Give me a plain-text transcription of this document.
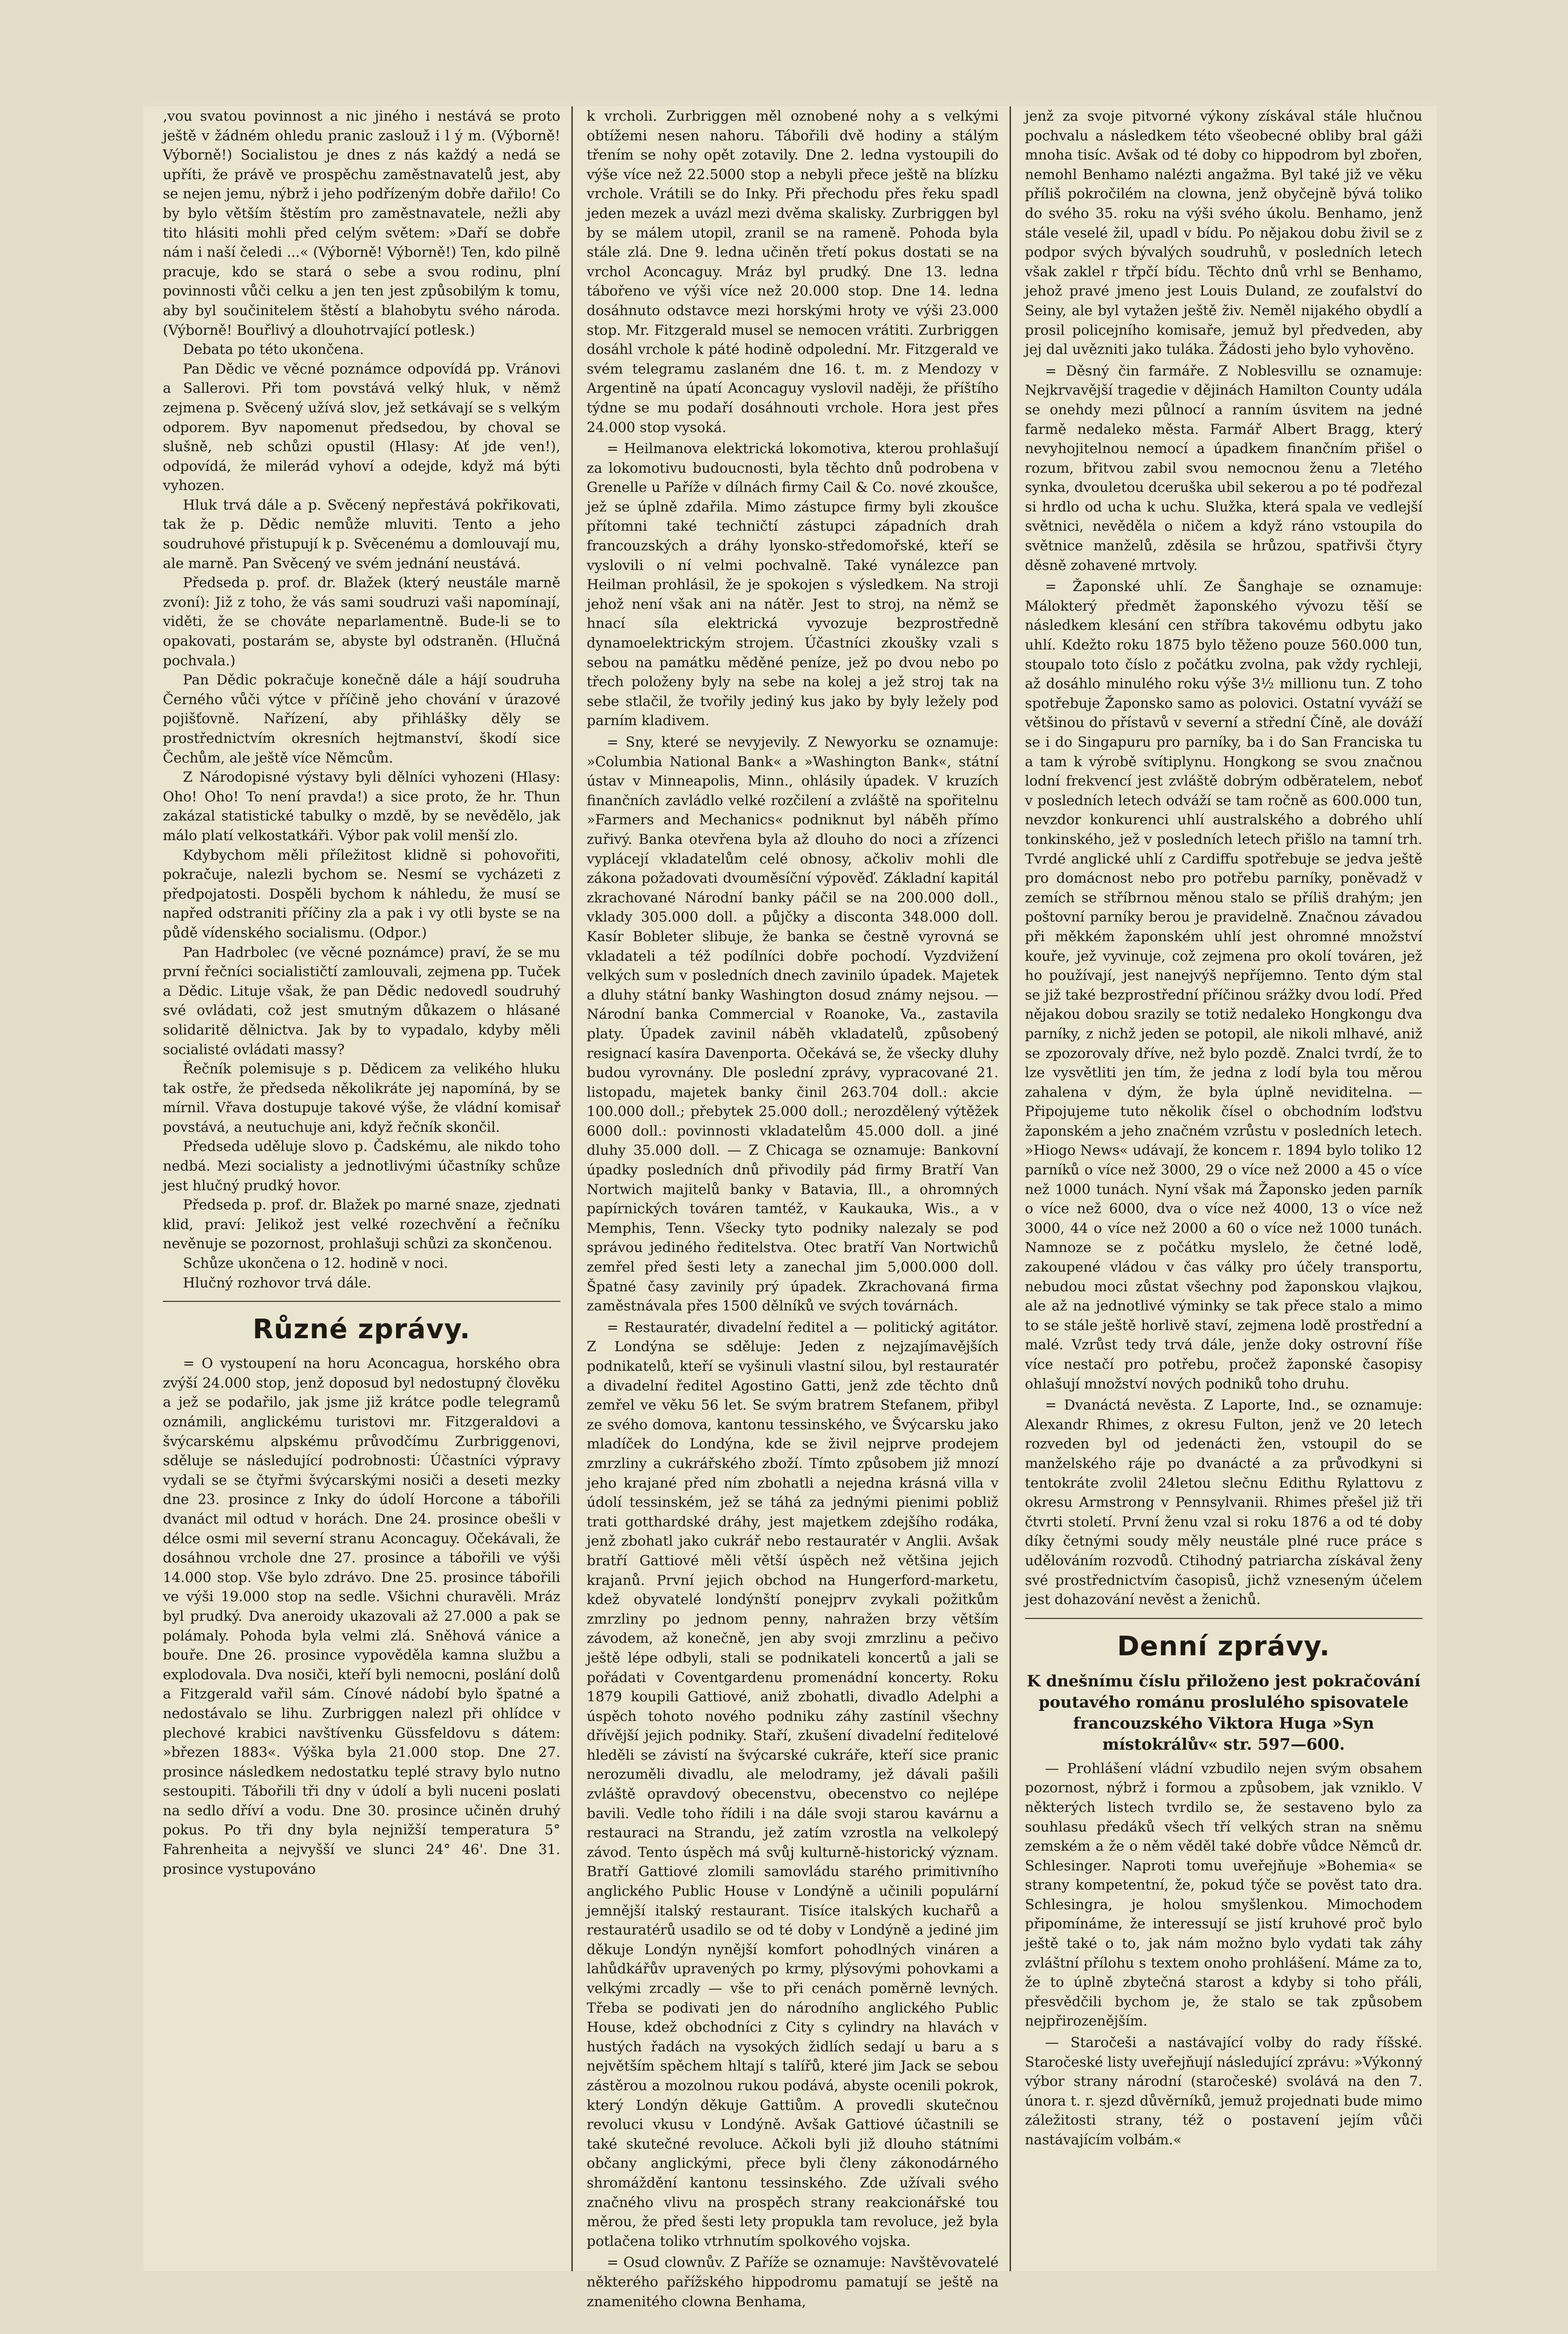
‚vou svatou povinnost a nic jiného i nestává se proto ještě v žádném ohledu pranic zaslouž i l ý m. (Výborně! Výborně!) Socialistou je dnes z nás každý a nedá se upříti, že právě ve prospěchu zaměstnavatelů jest, aby se nejen jemu, nýbrž i jeho podřízeným dobře dařilo! Co by bylo větším štěstím pro zaměstnavatele, nežli aby tito hlásiti mohli před celým světem: »Daří se dobře nám i naší čeledi ...« (Výborně! Výborně!) Ten, kdo pilně pracuje, kdo se stará o sebe a svou rodinu, plní povinnosti vůči celku a jen ten jest způsobilým k tomu, aby byl součinitelem štěstí a blahobytu svého národa. (Výborně! Bouřlivý a dlouhotrvající potlesk.)

Debata po této ukončena.

Pan Dědic ve věcné poznámce odpovídá pp. Vránovi a Sallerovi. Při tom povstává velký hluk, v němž zejmena p. Svěcený užívá slov, jež setkávají se s velkým odporem. Byv napomenut předsedou, by choval se slušně, neb schůzi opustil (Hlasy: Ať jde ven!), odpovídá, že milerád vyhoví a odejde, když má býti vyhozen.

Hluk trvá dále a p. Svěcený nepřestává pokřikovati, tak že p. Dědic nemůže mluviti. Tento a jeho soudruhové přistupují k p. Svěcenému a domlouvají mu, ale marně. Pan Svěcený ve svém jednání neustává.

Předseda p. prof. dr. Blažek (který neustále marně zvoní): Již z toho, že vás sami soudruzi vaši napomínají, viděti, že se chováte neparlamentně. Bude-li se to opakovati, postarám se, abyste byl odstraněn. (Hlučná pochvala.)

Pan Dědic pokračuje konečně dále a hájí soudruha Černého vůči výtce v příčině jeho chování v úrazové pojišťovně. Nařízení, aby přihlášky děly se prostřednictvím okresních hejtmanství, škodí sice Čechům, ale ještě více Němcům.

Z Národopisné výstavy byli dělníci vyhozeni (Hlasy: Oho! Oho! To není pravda!) a sice proto, že hr. Thun zakázal statistické tabulky o mzdě, by se nevědělo, jak málo platí velkostatkáři. Výbor pak volil menší zlo.

Kdybychom měli příležitost klidně si pohovořiti, pokračuje, nalezli bychom se. Nesmí se vycházeti z předpojatosti. Dospěli bychom k náhledu, že musí se napřed odstraniti příčiny zla a pak i vy otli byste se na půdě vídenského socialismu. (Odpor.)

Pan Hadrbolec (ve věcné poznámce) praví, že se mu první řečníci socialističtí zamlouvali, zejmena pp. Tuček a Dědic. Lituje však, že pan Dědic nedovedl soudruhý své ovládati, což jest smutným důkazem o hlásané solidaritě dělnictva. Jak by to vypadalo, kdyby měli socialisté ovládati massy?

Řečník polemisuje s p. Dědicem za velikého hluku tak ostře, že předseda několikráte jej napomíná, by se mírnil. Vřava dostupuje takové výše, že vládní komisař povstává, a neutuchuje ani, když řečník skončil.

Předseda uděluje slovo p. Čadskému, ale nikdo toho nedbá. Mezi socialisty a jednotlivými účastníky schůze jest hlučný prudký hovor.

Předseda p. prof. dr. Blažek po marné snaze, zjednati klid, praví: Jelikož jest velké rozechvění a řečníku nevěnuje se pozornost, prohlašuji schůzi za skončenou.

Schůze ukončena o 12. hodině v noci.

Hlučný rozhovor trvá dále.

Různé zprávy.

= O vystoupení na horu Aconcagua, horského obra zvýší 24.000 stop, jenž doposud byl nedostupný člověku a jež se podařilo, jak jsme již krátce podle telegramů oznámili, anglickému turistovi mr. Fitzgeraldovi a švýcarskému alpskému průvodčímu Zurbriggenovi, sděluje se následující podrobnosti: Účastníci výpravy vydali se se čtyřmi švýcarskými nosiči a deseti mezky dne 23. prosince z Inky do údolí Horcone a tábořili dvanáct mil odtud v horách. Dne 24. prosince obešli v délce osmi mil severní stranu Aconcaguy. Očekávali, že dosáhnou vrchole dne 27. prosince a tábořili ve výši 14.000 stop. Vše bylo zdrávo. Dne 25. prosince tábořili ve výši 19.000 stop na sedle. Všichni churavěli. Mráz byl prudký. Dva aneroidy ukazovali až 27.000 a pak se polámaly. Pohoda byla velmi zlá. Sněhová vánice a bouře. Dne 26. prosince vypověděla kamna službu a explodovala. Dva nosiči, kteří byli nemocni, poslání dolů a Fitzgerald vařil sám. Cínové nádobí bylo špatné a nedostávalo se lihu. Zurbriggen nalezl při ohlídce v plechové krabici navštívenku Güssfeldovu s dátem: »březen 1883«. Výška byla 21.000 stop. Dne 27. prosince následkem nedostatku teplé stravy bylo nutno sestoupiti. Tábořili tři dny v údolí a byli nuceni poslati na sedlo dříví a vodu. Dne 30. prosince učiněn druhý pokus. Po tři dny byla nejnižší temperatura 5° Fahrenheita a nejvyšší ve slunci 24° 46'. Dne 31. prosince vystupováno

k vrcholi. Zurbriggen měl oznobené nohy a s velkými obtížemi nesen nahoru. Tábořili dvě hodiny a stálým třením se nohy opět zotavily. Dne 2. ledna vystoupili do výše více než 22.5000 stop a nebyli přece ještě na blízku vrchole. Vrátili se do Inky. Při přechodu přes řeku spadl jeden mezek a uvázl mezi dvěma skalisky. Zurbriggen byl by se málem utopil, zranil se na rameně. Pohoda byla stále zlá. Dne 9. ledna učiněn třetí pokus dostati se na vrchol Aconcaguy. Mráz byl prudký. Dne 13. ledna tábořeno ve výši více než 20.000 stop. Dne 14. ledna dosáhnuto odstavce mezi horskými hroty ve výši 23.000 stop. Mr. Fitzgerald musel se nemocen vrátiti. Zurbriggen dosáhl vrchole k páté hodině odpolední. Mr. Fitzgerald ve svém telegramu zaslaném dne 16. t. m. z Mendozy v Argentině na úpatí Aconcaguy vyslovil naději, že příštího týdne se mu podaří dosáhnouti vrchole. Hora jest přes 24.000 stop vysoká.

= Heilmanova elektrická lokomotiva, kterou prohlašují za lokomotivu budoucnosti, byla těchto dnů podrobena v Grenelle u Paříže v dílnách firmy Cail & Co. nové zkoušce, jež se úplně zdařila. Mimo zástupce firmy byli zkoušce přítomni také techničtí zástupci západních drah francouzských a dráhy lyonsko-středomořské, kteří se vyslovili o ní velmi pochvalně. Také vynálezce pan Heilman prohlásil, že je spokojen s výsledkem. Na stroji jehož není však ani na nátěr. Jest to stroj, na němž se hnací síla elektrická vyvozuje bezprostředně dynamoelektrickým strojem. Účastníci zkoušky vzali s sebou na památku měděné peníze, jež po dvou nebo po třech položeny byly na sebe na kolej a jež stroj tak na sebe stlačil, že tvořily jediný kus jako by byly ležely pod parním kladivem.

= Sny, které se nevyjevily. Z Newyorku se oznamuje: »Columbia National Bank« a »Washington Bank«, státní ústav v Minneapolis, Minn., ohlásily úpadek. V kruzích finančních zavládlo velké rozčilení a zvláště na spořitelnu »Farmers and Mechanics« podniknut byl náběh přímo zuřivý. Banka otevřena byla až dlouho do noci a zřízenci vyplácejí vkladatelům celé obnosy, ačkoliv mohli dle zákona požadovati dvouměsíční výpověď. Základní kapitál zkrachované Národní banky páčil se na 200.000 doll., vklady 305.000 doll. a půjčky a disconta 348.000 doll. Kasír Bobleter slibuje, že banka se čestně vyrovná se vkladateli a též podílníci dobře pochodí. Vyzdvižení velkých sum v posledních dnech zavinilo úpadek. Majetek a dluhy státní banky Washington dosud známy nejsou. — Národní banka Commercial v Roanoke, Va., zastavila platy. Úpadek zavinil náběh vkladatelů, způsobený resignací kasíra Davenporta. Očekává se, že všecky dluhy budou vyrovnány. Dle poslední zprávy, vypracované 21. listopadu, majetek banky činil 263.704 doll.: akcie 100.000 doll.; přebytek 25.000 doll.; nerozdělený výtěžek 6000 doll.: povinnosti vkladatelům 45.000 doll. a jiné dluhy 35.000 doll. — Z Chicaga se oznamuje: Bankovní úpadky posledních dnů přivodily pád firmy Bratří Van Nortwich majitelů banky v Batavia, Ill., a ohromných papírnických továren tamtéž, v Kaukauka, Wis., a v Memphis, Tenn. Všecky tyto podniky nalezaly se pod správou jediného ředitelstva. Otec bratří Van Nortwichů zemřel před šesti lety a zanechal jim 5,000.000 doll. Špatné časy zavinily prý úpadek. Zkrachovaná firma zaměstnávala přes 1500 dělníků ve svých továrnách.

= Restauratér, divadelní ředitel a — politický agitátor. Z Londýna se sděluje: Jeden z nejzajímavějších podnikatelů, kteří se vyšinuli vlastní silou, byl restauratér a divadelní ředitel Agostino Gatti, jenž zde těchto dnů zemřel ve věku 56 let. Se svým bratrem Stefanem, přibyl ze svého domova, kantonu tessinského, ve Švýcarsku jako mladíček do Londýna, kde se živil nejprve prodejem zmrzliny a cukrářského zboží. Tímto způsobem již mnozí jeho krajané před ním zbohatli a nejedna krásná villa v údolí tessinském, jež se táhá za jednými pienimi pobliž trati gotthardské dráhy, jest majetkem zdejšího rodáka, jenž zbohatl jako cukrář nebo restauratér v Anglii. Avšak bratří Gattiové měli větší úspěch než většina jejich krajanů. První jejich obchod na Hungerford-marketu, kdež obyvatelé londýnští ponejprv zvykali požitkům zmrzliny po jednom penny, nahražen brzy větším závodem, až konečně, jen aby svoji zmrzlinu a pečivo ještě lépe odbyli, stali se podnikateli koncertů a jali se pořádati v Coventgardenu promenádní koncerty. Roku 1879 koupili Gattiové, aniž zbohatli, divadlo Adelphi a úspěch tohoto nového podniku záhy zastínil všechny dřívější jejich podniky. Staří, zkušení divadelní ředitelové hleděli se závistí na švýcarské cukráře, kteří sice pranic nerozuměli divadlu, ale melodramy, jež dávali pašili zvláště opravdový obecenstvu, obecenstvo co nejlépe bavili. Vedle toho řídili i na dále svoji starou kavárnu a restauraci na Strandu, jež zatím vzrostla na velkolepý závod. Tento úspěch má svůj kulturně-historický význam. Bratří Gattiové zlomili samovládu starého primitivního anglického Public House v Londýně a učinili populární jemnější italský restaurant. Tisíce italských kuchařů a restauratérů usadilo se od té doby v Londýně a jediné jim děkuje Londýn nynější komfort pohodlných vináren a lahůdkářův upravených po krmy, plýsovými pohovkami a velkými zrcadly — vše to při cenách poměrně levných. Třeba se podivati jen do národního anglického Public House, kdež obchodníci z City s cylindry na hlavách v hustých řadách na vysokých židlích sedají u baru a s největším spěchem hltají s talířů, které jim Jack se sebou zástěrou a mozolnou rukou podává, abyste ocenili pokrok, který Londýn děkuje Gattiům. A provedli skutečnou revoluci vkusu v Londýně. Avšak Gattiové účastnili se také skutečné revoluce. Ačkoli byli již dlouho státními občany anglickými, přece byli členy zákonodárného shromáždění kantonu tessinského. Zde užívali svého značného vlivu na prospěch strany reakcionářské tou měrou, že před šesti lety propukla tam revoluce, jež byla potlačena toliko vtrhnutím spolkového vojska.

= Osud clownův. Z Paříže se oznamuje: Navštěvovatelé některého pařížského hippodromu pamatují se ještě na znamenitého clowna Benhama,

jenž za svoje pitvorné výkony získával stále hlučnou pochvalu a následkem této všeobecné obliby bral gáži mnoha tisíc. Avšak od té doby co hippodrom byl zbořen, nemohl Benhamo nalézti angažma. Byl také již ve věku příliš pokročilém na clowna, jenž obyčejně bývá toliko do svého 35. roku na výši svého úkolu. Benhamo, jenž stále veselé žil, upadl v bídu. Po nějakou dobu živil se z podpor svých bývalých soudruhů, v posledních letech však zaklel r třpčí bídu. Těchto dnů vrhl se Benhamo, jehož pravé jmeno jest Louis Duland, ze zoufalství do Seiny, ale byl vytažen ještě živ. Neměl nijakého obydlí a prosil policejního komisaře, jemuž byl předveden, aby jej dal uvězniti jako tuláka. Žádosti jeho bylo vyhověno.

= Děsný čin farmáře. Z Noblesvillu se oznamuje: Nejkrvavější tragedie v dějinách Hamilton County udála se onehdy mezi půlnocí a ranním úsvitem na jedné farmě nedaleko města. Farmář Albert Bragg, který nevyhojitelnou nemocí a úpadkem finančním přišel o rozum, břitvou zabil svou nemocnou ženu a 7letého synka, dvouletou dceruška ubil sekerou a po té podřezal si hrdlo od ucha k uchu. Služka, která spala ve vedlejší světnici, nevěděla o ničem a když ráno vstoupila do světnice manželů, zděsila se hrůzou, spatřivši čtyry děsně zohavené mrtvoly.

= Žaponské uhlí. Ze Šanghaje se oznamuje: Málokterý předmět žaponského vývozu těší se následkem klesání cen stříbra takovému odbytu jako uhlí. Kdežto roku 1875 bylo těženo pouze 560.000 tun, stoupalo toto číslo z počátku zvolna, pak vždy rychleji, až dosáhlo minulého roku výše 3½ millionu tun. Z toho spotřebuje Žaponsko samo as polovici. Ostatní vyváží se většinou do přístavů v severní a střední Číně, ale dováží se i do Singapuru pro parníky, ba i do San Franciska tu a tam k výrobě svítiplynu. Hongkong se svou značnou lodní frekvencí jest zvláště dobrým odběratelem, neboť v posledních letech odváží se tam ročně as 600.000 tun, nevzdor konkurenci uhlí australského a dobrého uhlí tonkinského, jež v posledních letech přišlo na tamní trh. Tvrdé anglické uhlí z Cardiffu spotřebuje se jedva ještě pro domácnost nebo pro potřebu parníky, poněvadž v zemích se stříbrnou měnou stalo se příliš drahým; jen poštovní parníky berou je pravidelně. Značnou závadou při měkkém žaponském uhlí jest ohromné množství kouře, jež vyvinuje, což zejmena pro okolí továren, jež ho používají, jest nanejvýš nepříjemno. Tento dým stal se již také bezprostřední příčinou srážky dvou lodí. Před nějakou dobou srazily se totiž nedaleko Hongkongu dva parníky, z nichž jeden se potopil, ale nikoli mlhavé, aniž se zpozorovaly dříve, než bylo pozdě. Znalci tvrdí, že to lze vysvětliti jen tím, že jedna z lodí byla tou měrou zahalena v dým, že byla úplně neviditelna. — Připojujeme tuto několik čísel o obchodním loďstvu žaponském a jeho značném vzrůstu v posledních letech. »Hiogo News« udávají, že koncem r. 1894 bylo toliko 12 parníků o více než 3000, 29 o více než 2000 a 45 o více než 1000 tunách. Nyní však má Žaponsko jeden parník o více než 6000, dva o více než 4000, 13 o více než 3000, 44 o více než 2000 a 60 o více než 1000 tunách. Namnoze se z počátku myslelo, že četné lodě, zakoupené vládou v čas války pro účely transportu, nebudou moci zůstat všechny pod žaponskou vlajkou, ale až na jednotlivé výminky se tak přece stalo a mimo to se stále ještě horlivě staví, zejmena lodě prostřední a malé. Vzrůst tedy trvá dále, jenže doky ostrovní říše více nestačí pro potřebu, pročež žaponské časopisy ohlašují množství nových podniků toho druhu.

= Dvanáctá nevěsta. Z Laporte, Ind., se oznamuje: Alexandr Rhimes, z okresu Fulton, jenž ve 20 letech rozveden byl od jedenácti žen, vstoupil do se manželského ráje po dvanácté a za průvodkyni si tentokráte zvolil 24letou slečnu Edithu Rylattovu z okresu Armstrong v Pennsylvanii. Rhimes přešel již tři čtvrti století. První ženu vzal si roku 1876 a od té doby díky četnými soudy měly neustále plné ruce práce s udělováním rozvodů. Ctihodný patriarcha získával ženy své prostřednictvím časopisů, jichž vzneseným účelem jest dohazování nevěst a ženichů.

Denní zprávy.

K dnešnímu číslu přiloženo jest pokračování poutavého románu proslulého spisovatele francouzského Viktora Huga »Syn místokrálův« str. 597—600.

— Prohlášení vládní vzbudilo nejen svým obsahem pozornost, nýbrž i formou a způsobem, jak vzniklo. V některých listech tvrdilo se, že sestaveno bylo za souhlasu předáků všech tří velkých stran na sněmu zemském a že o něm věděl také dobře vůdce Němců dr. Schlesinger. Naproti tomu uveřejňuje »Bohemia« se strany kompetentní, že, pokud týče se pověst tato dra. Schlesingra, je holou smyšlenkou. Mimochodem připomínáme, že interessují se jistí kruhové proč bylo ještě také o to, jak nám možno bylo vydati tak záhy zvláštní přílohu s textem onoho prohlášení. Máme za to, že to úplně zbytečná starost a kdyby si toho přáli, přesvědčili bychom je, že stalo se tak způsobem nejpřirozenějším.

— Staročeši a nastávající volby do rady říšské. Staročeské listy uveřejňují následující zprávu: »Výkonný výbor strany národní (staročeské) svolává na den 7. února t. r. sjezd důvěrníků, jemuž projednati bude mimo záležitosti strany, též o postavení jejím vůči nastávajícím volbám.«
